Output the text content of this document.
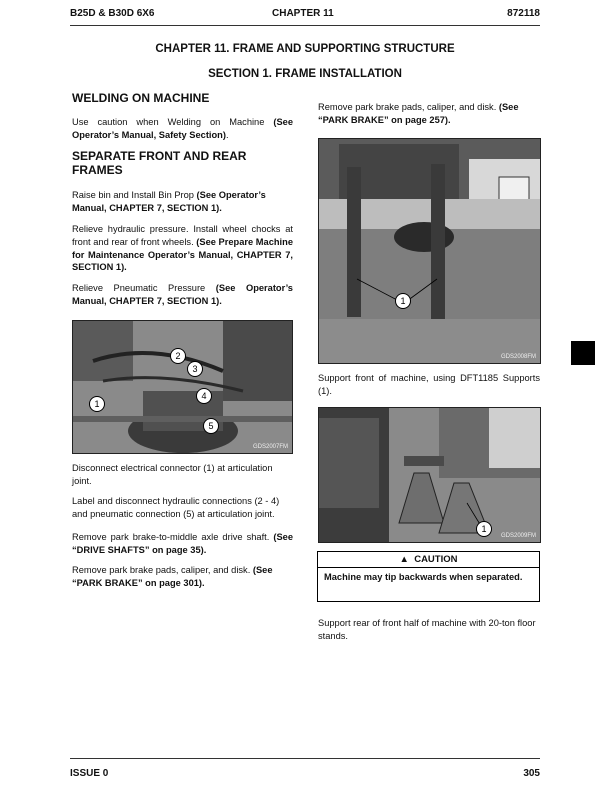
B25D & B30D 6X6	CHAPTER 11	872118
CHAPTER 11. FRAME AND SUPPORTING STRUCTURE
SECTION 1. FRAME INSTALLATION
WELDING ON MACHINE

Use caution when Welding on Machine (See Operator’s Manual, Safety Section).

SEPARATE FRONT AND REAR
FRAMES

Raise bin and Install Bin Prop (See Operator’s Manual, CHAPTER 7, SECTION 1).

Relieve hydraulic pressure. Install wheel chocks at front and rear of front wheels. (See Prepare Machine for Maintenance Operator’s Manual, CHAPTER 7, SECTION 1).

Relieve Pneumatic Pressure (See Operator’s Manual, CHAPTER 7, SECTION 1).

1
2
3
4
5
GDS2007FM

Disconnect electrical connector (1) at articulation joint.

Label and disconnect hydraulic connections (2 - 4) and pneumatic connection (5) at articulation joint.

Remove park brake-to-middle axle drive shaft. (See “DRIVE SHAFTS” on page 35).

Remove park brake pads, caliper, and disk. (See “PARK BRAKE” on page 301).

Remove park brake pads, caliper, and disk. (See “PARK BRAKE” on page 257).

1
GDS2008FM

Support front of machine, using DFT1185 Supports (1).

1
GDS2009FM
▲ CAUTION
Machine may tip backwards when separated.

Support rear of front half of machine with 20-ton floor stands.

ISSUE 0	305
